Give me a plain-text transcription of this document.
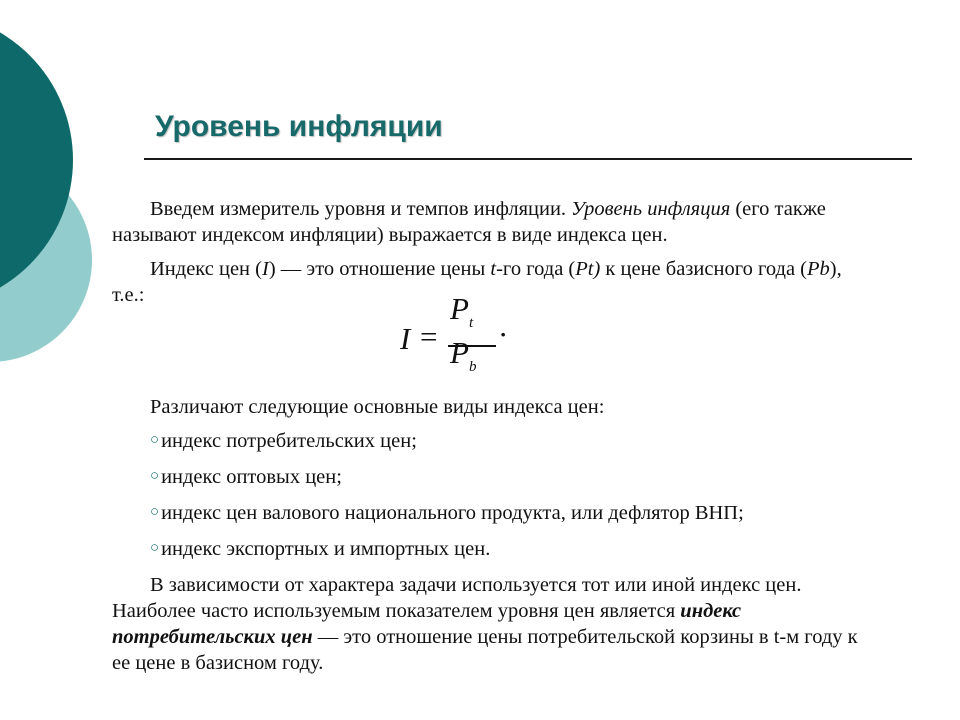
Уровень инфляции

Введем измеритель уровня и темпов инфляции. Уровень инфляция (его также называют индексом инфляции) выражается в виде индекса цен.

Индекс цен (I) — это отношение цены t-го года (Pt) к цене базисного года (Pb), т.е.:

I =
$P_t$
$P_b$
·

Различают следующие основные виды индекса цен:

○индекс потребительских цен;

○индекс оптовых цен;

○индекс цен валового национального продукта, или дефлятор ВНП;

○индекс экспортных и импортных цен.

В зависимости от характера задачи используется тот или иной индекс цен. Наиболее часто используемым показателем уровня цен является индекс потребительских цен — это отношение цены потребительской корзины в t-м году к ее цене в базисном году.
